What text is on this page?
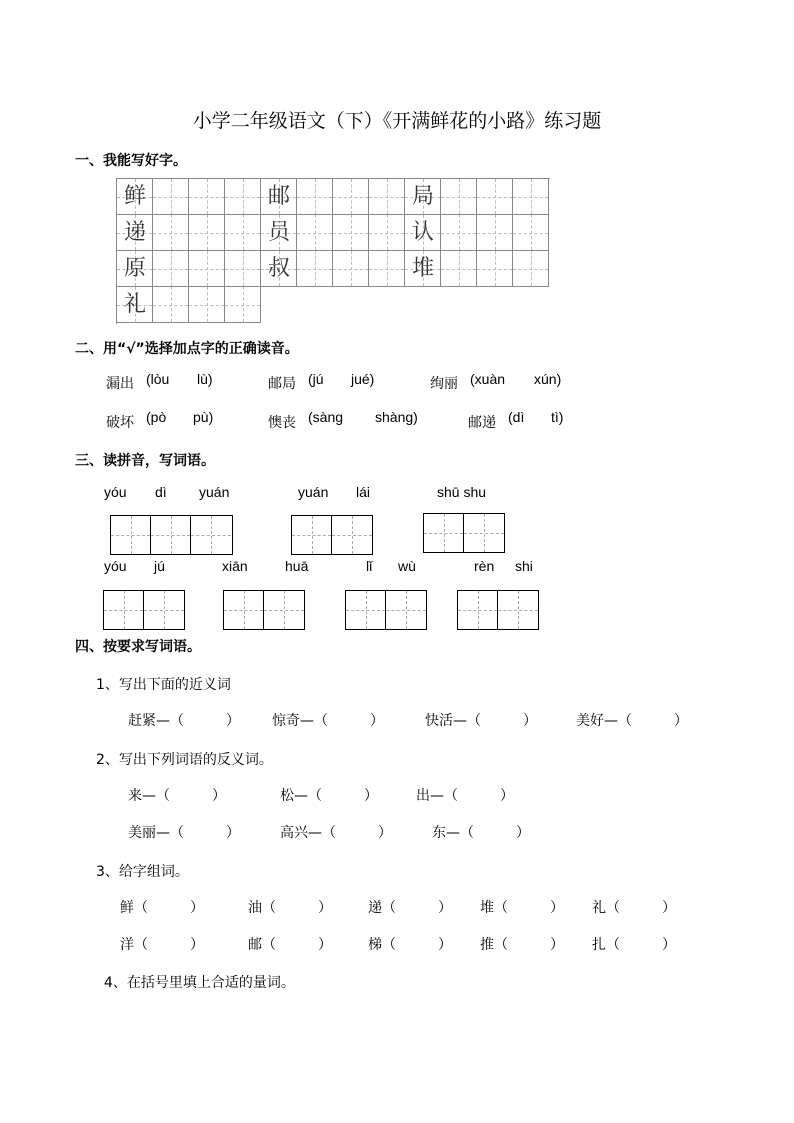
小学二年级语文（下）《开满鲜花的小路》练习题
一、我能写好字。
鲜	邮	局
递	员	认
原	叔	堆
礼
二、用“√”选择加点字的正确读音。
漏出 (lòu lù)	邮局 (jú jué)	绚丽 (xuàn xún)
破坏 (pò pù)	懊丧 (sàng shàng)	邮递 (dì tì)
三、读拼音，写词语。
yóu dì yuán	yuán lái	shū shu
yóu jú	xiān	huā	lǐ wù	rèn shi
四、按要求写词语。
1、写出下面的近义词
赶紧—（　　　） 惊奇—（　　　）	快活—（　　　）	美好—（　　　）
2、写出下列词语的反义词。
来—（　　　）	松—（　　　）	出—（　　　）
美丽—（　　　）	高兴—（　　　）	东—（　　　）
3、给字组词。
鲜（　　　）	油（　　　）	递（　　　） 堆（　　　） 礼（　　　）
洋（　　　）	邮（　　　）	梯（　　　） 推（　　　） 扎（　　　）
4、在括号里填上合适的量词。
